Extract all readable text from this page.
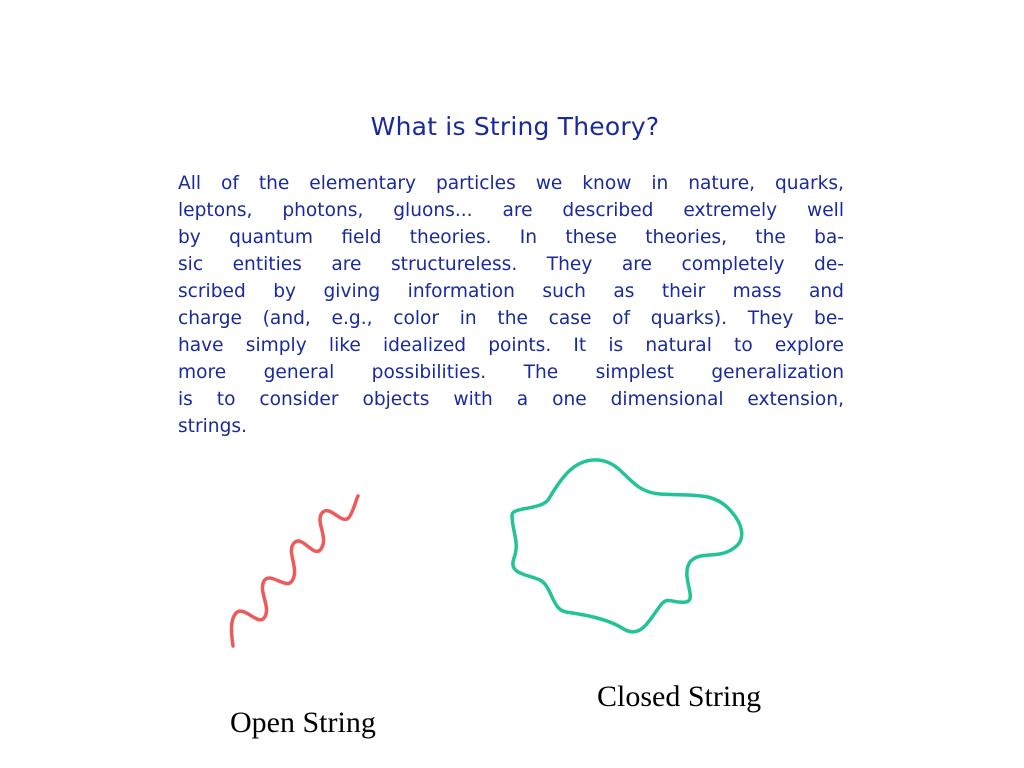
What is String Theory?
All of the elementary particles we know in nature, quarks,
leptons, photons, gluons... are described extremely well
by quantum field theories. In these theories, the ba-
sic entities are structureless. They are completely de-
scribed by giving information such as their mass and
charge (and, e.g., color in the case of quarks). They be-
have simply like idealized points. It is natural to explore
more general possibilities. The simplest generalization
is to consider objects with a one dimensional extension,
strings.
Open String
Closed String
